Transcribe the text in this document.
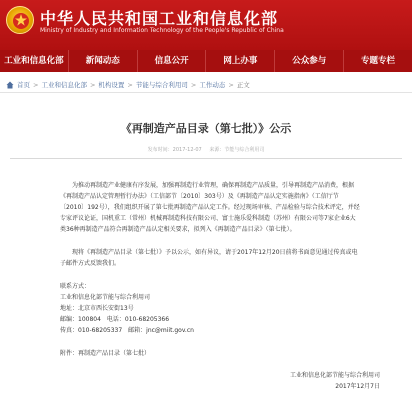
中华人民共和国工业和信息化部
Ministry of Industry and Information Technology of the People's Republic of China
工业和信息化部	新闻动态	信息公开	网上办事	公众参与	专题专栏
首页 > 工业和信息化部 > 机构设置 > 节能与综合利用司 > 工作动态 > 正文
《再制造产品目录（第七批）》公示
发布时间：2017-12-07 来源：节能与综合利用司

为推动再制造产业健康有序发展，加强再制造行业管理，确保再制造产品质量，引导再制造产品消费，根据《再制造产品认定管理暂行办法》（工信部节〔2010〕303号）及《再制造产品认定实施指南》（工信厅节〔2010〕192号），我们组织开展了第七批再制造产品认定工作。经过现场审核、产品检验与综合技术评定，并经专家评议论证，国机重工（常州）机械再制造科技有限公司、富士施乐爱科制造（苏州）有限公司等7家企业6大类36种再制造产品符合再制造产品认定相关要求，拟列入《再制造产品目录》（第七批）。

现将《再制造产品目录（第七批）》予以公示，如有异议，请于2017年12月20日前将书面意见通过传真或电子邮件方式反馈我们。

联系方式：
工业和信息化部节能与综合利用司
地址：北京市西长安街13号
邮编：100804　电话：010-68205366
传真：010-68205337　邮箱：jnc@miit.gov.cn
附件：再制造产品目录（第七批）
工业和信息化部节能与综合利用司
2017年12月7日
